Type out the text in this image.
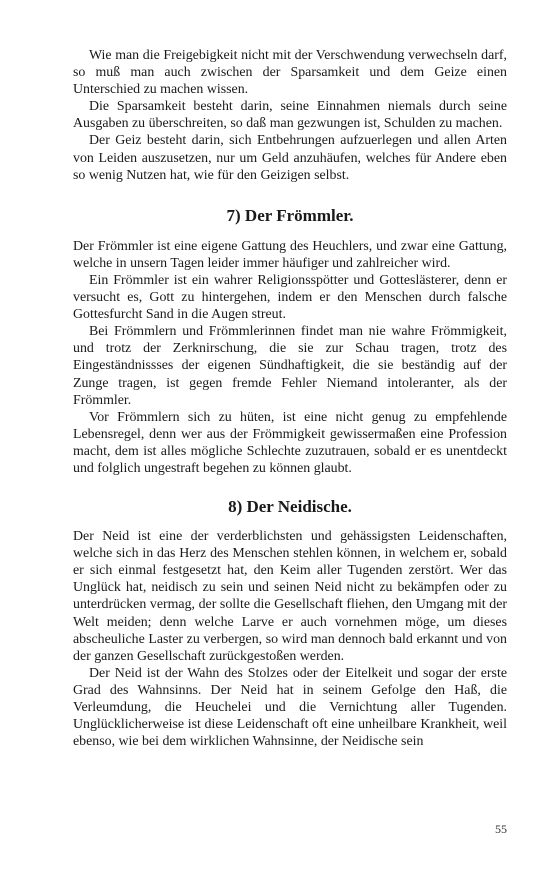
Wie man die Freigebigkeit nicht mit der Verschwendung verwechseln darf, so muß man auch zwischen der Sparsamkeit und dem Geize einen Unterschied zu machen wissen.

Die Sparsamkeit besteht darin, seine Einnahmen niemals durch seine Ausgaben zu überschreiten, so daß man gezwungen ist, Schulden zu machen.

Der Geiz besteht darin, sich Entbehrungen aufzuerlegen und allen Arten von Leiden auszusetzen, nur um Geld anzuhäufen, welches für Andere eben so wenig Nutzen hat, wie für den Geizigen selbst.

7) Der Frömmler.

Der Frömmler ist eine eigene Gattung des Heuchlers, und zwar eine Gattung, welche in unsern Tagen leider immer häufiger und zahlreicher wird.

Ein Frömmler ist ein wahrer Religionsspötter und Gotteslästerer, denn er versucht es, Gott zu hintergehen, indem er den Menschen durch falsche Gottesfurcht Sand in die Augen streut.

Bei Frömmlern und Frömmlerinnen findet man nie wahre Frömmigkeit, und trotz der Zerknirschung, die sie zur Schau tragen, trotz des Eingeständnissses der eigenen Sündhaftigkeit, die sie beständig auf der Zunge tragen, ist gegen fremde Fehler Niemand intoleranter, als der Frömmler.

Vor Frömmlern sich zu hüten, ist eine nicht genug zu empfehlende Lebensregel, denn wer aus der Frömmigkeit gewissermaßen eine Profession macht, dem ist alles mögliche Schlechte zuzutrauen, sobald er es unentdeckt und folglich ungestraft begehen zu können glaubt.

8) Der Neidische.

Der Neid ist eine der verderblichsten und gehässigsten Leidenschaften, welche sich in das Herz des Menschen stehlen können, in welchem er, sobald er sich einmal festgesetzt hat, den Keim aller Tugenden zerstört. Wer das Unglück hat, neidisch zu sein und seinen Neid nicht zu bekämpfen oder zu unterdrücken vermag, der sollte die Gesellschaft fliehen, den Umgang mit der Welt meiden; denn welche Larve er auch vornehmen möge, um dieses abscheuliche Laster zu verbergen, so wird man dennoch bald erkannt und von der ganzen Gesellschaft zurückgestoßen werden.

Der Neid ist der Wahn des Stolzes oder der Eitelkeit und sogar der erste Grad des Wahnsinns. Der Neid hat in seinem Gefolge den Haß, die Verleumdung, die Heuchelei und die Vernichtung aller Tugenden. Unglücklicherweise ist diese Leidenschaft oft eine unheilbare Krankheit, weil ebenso, wie bei dem wirklichen Wahnsinne, der Neidische sein

55
